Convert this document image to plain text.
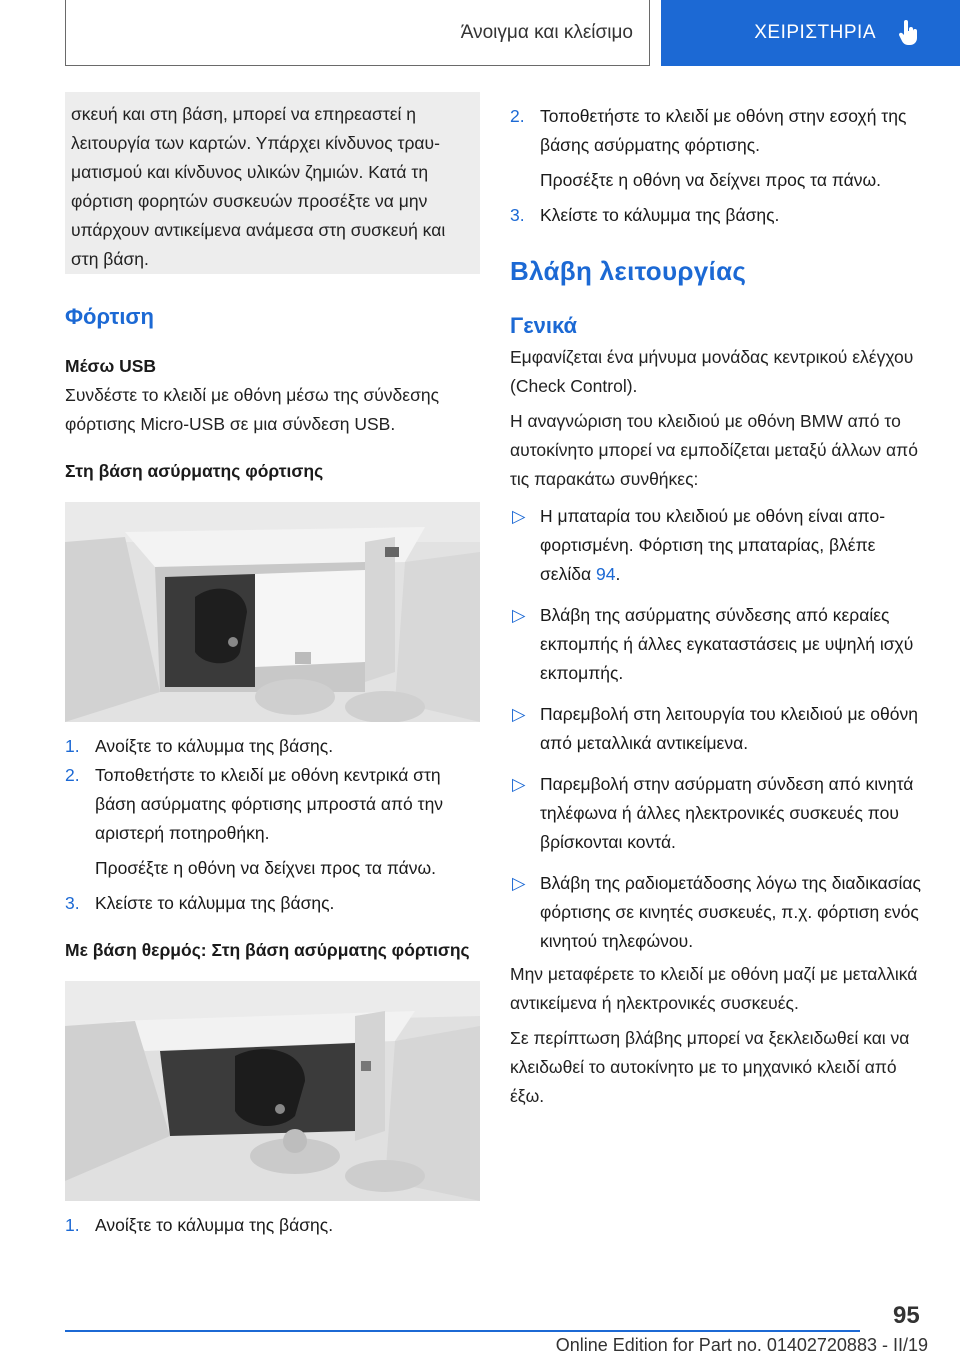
Άνοιγμα και κλείσιμο	ΧΕΙΡΙΣΤΗΡΙΑ
σκευή και στη βάση, μπορεί να επηρεαστεί η λειτουργία των καρτών. Υπάρχει κίνδυνος τραυματισμού και κίνδυνος υλικών ζημιών. Κατά τη φόρτιση φορητών συσκευών προσέξτε να μην υπάρχουν αντικείμενα ανάμεσα στη συσκευή και στη βάση.
Φόρτιση
Μέσω USB

Συνδέστε το κλειδί με οθόνη μέσω της σύνδεσης φόρτισης Micro-USB σε μια σύνδεση USB.

Στη βάση ασύρματης φόρτισης
1. Ανοίξτε το κάλυμμα της βάσης.
2. Τοποθετήστε το κλειδί με οθόνη κεντρικά στη βάση ασύρματης φόρτισης μπροστά από την αριστερή ποτηροθήκη.
Προσέξτε η οθόνη να δείχνει προς τα πάνω.
3. Κλείστε το κάλυμμα της βάσης.
Με βάση θερμός: Στη βάση ασύρματης φόρτισης
1. Ανοίξτε το κάλυμμα της βάσης.
2. Τοποθετήστε το κλειδί με οθόνη στην εσοχή της βάσης ασύρματης φόρτισης.
Προσέξτε η οθόνη να δείχνει προς τα πάνω.
3. Κλείστε το κάλυμμα της βάσης.
Βλάβη λειτουργίας
Γενικά

Εμφανίζεται ένα μήνυμα μονάδας κεντρικού ελέγχου (Check Control).

Η αναγνώριση του κλειδιού με οθόνη BMW από το αυτοκίνητο μπορεί να εμποδίζεται μεταξύ άλλων από τις παρακάτω συνθήκες:

▷ Η μπαταρία του κλειδιού με οθόνη είναι αποφορτισμένη. Φόρτιση της μπαταρίας, βλέπε σελίδα 94.
▷ Βλάβη της ασύρματης σύνδεσης από κεραίες εκπομπής ή άλλες εγκαταστάσεις με υψηλή ισχύ εκπομπής.
▷ Παρεμβολή στη λειτουργία του κλειδιού με οθόνη από μεταλλικά αντικείμενα.
▷ Παρεμβολή στην ασύρματη σύνδεση από κινητά τηλέφωνα ή άλλες ηλεκτρονικές συσκευές που βρίσκονται κοντά.
▷ Βλάβη της ραδιομετάδοσης λόγω της διαδικασίας φόρτισης σε κινητές συσκευές, π.χ. φόρτιση ενός κινητού τηλεφώνου.

Μην μεταφέρετε το κλειδί με οθόνη μαζί με μεταλλικά αντικείμενα ή ηλεκτρονικές συσκευές.

Σε περίπτωση βλάβης μπορεί να ξεκλειδωθεί και να κλειδωθεί το αυτοκίνητο με το μηχανικό κλειδί από έξω.

95
Online Edition for Part no. 01402720883 - II/19
